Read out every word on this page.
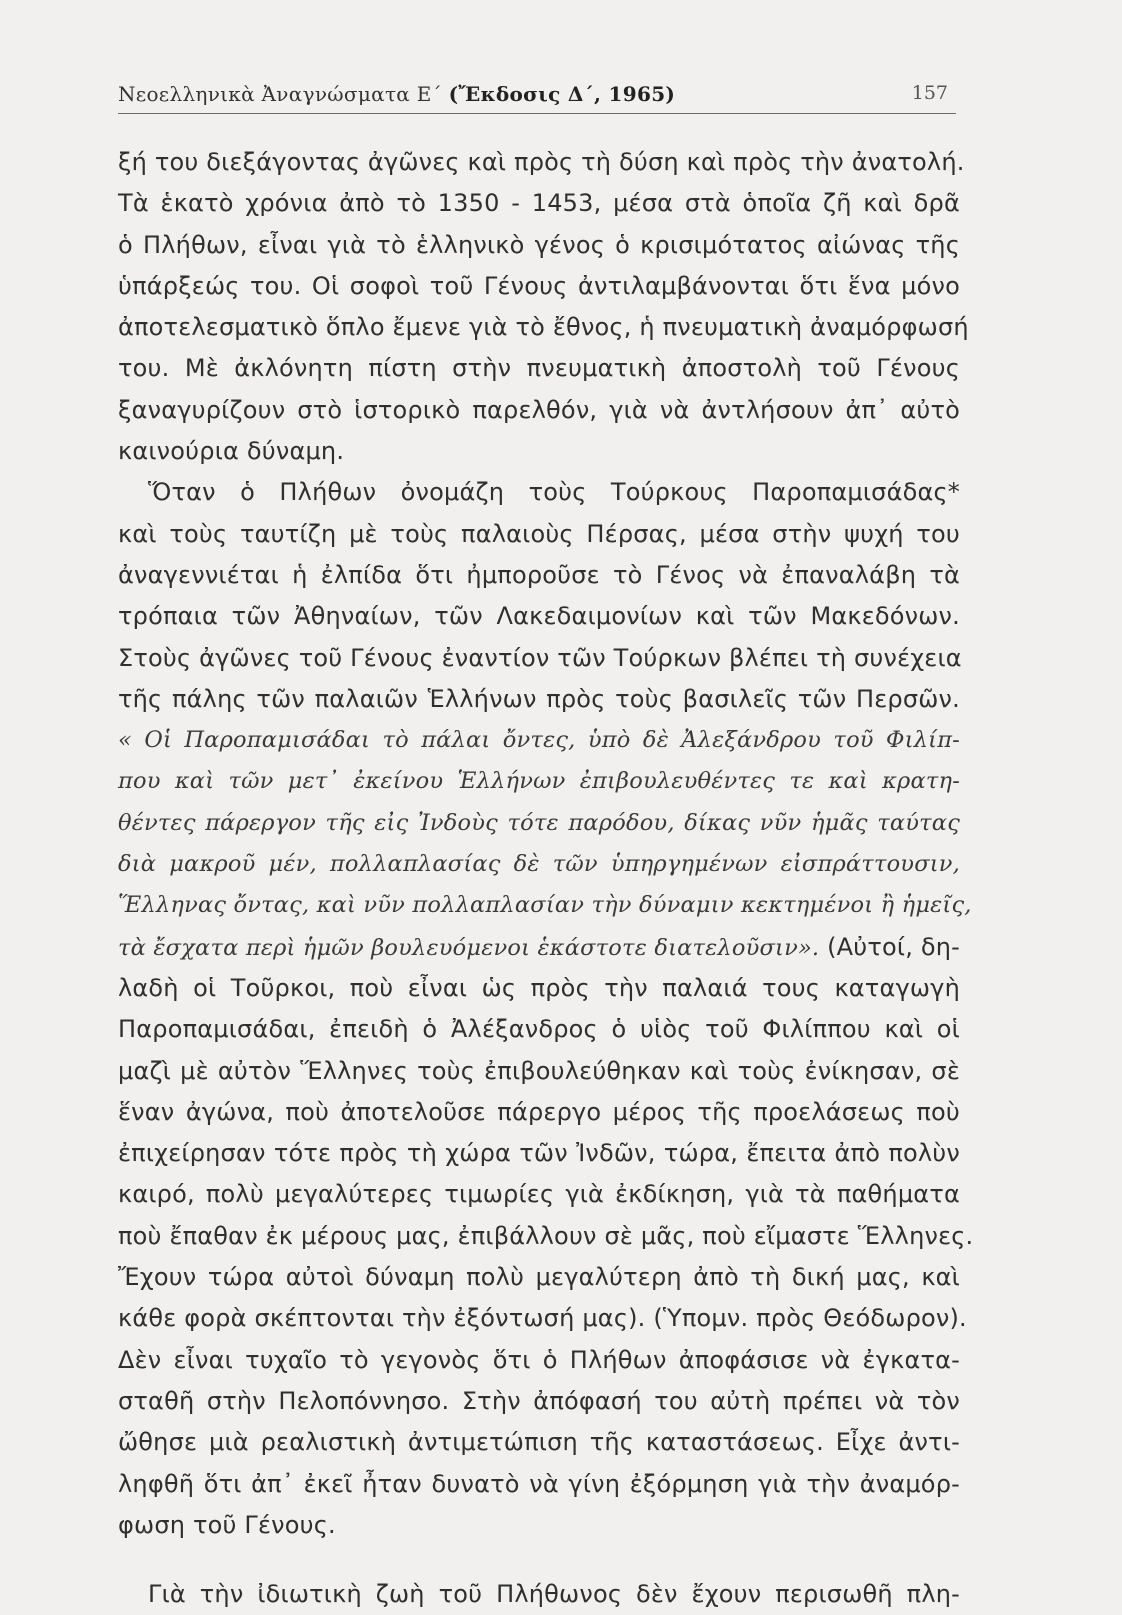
Νεοελληνικὰ Ἀναγνώσματα Ε΄ (Ἔκδοσις Δ΄, 1965)	157
ξή του διεξάγοντας ἀγῶνες καὶ πρὸς τὴ δύση καὶ πρὸς τὴν ἀνατολή.
Τὰ ἑκατὸ χρόνια ἀπὸ τὸ 1350 - 1453, μέσα στὰ ὁποῖα ζῆ καὶ δρᾶ
ὁ Πλήθων, εἶναι γιὰ τὸ ἑλληνικὸ γένος ὁ κρισιμότατος αἰώνας τῆς
ὑπάρξεώς του. Οἱ σοφοὶ τοῦ Γένους ἀντιλαμβάνονται ὅτι ἕνα μόνο
ἀποτελεσματικὸ ὅπλο ἔμενε γιὰ τὸ ἔθνος, ἡ πνευματικὴ ἀναμόρφωσή
του. Μὲ ἀκλόνητη πίστη στὴν πνευματικὴ ἀποστολὴ τοῦ Γένους
ξαναγυρίζουν στὸ ἱστορικὸ παρελθόν, γιὰ νὰ ἀντλήσουν ἀπ᾿ αὐτὸ
καινούρια δύναμη.
Ὅταν ὁ Πλήθων ὀνομάζη τοὺς Τούρκους Παροπαμισάδας*
καὶ τοὺς ταυτίζη μὲ τοὺς παλαιοὺς Πέρσας, μέσα στὴν ψυχή του
ἀναγεννιέται ἡ ἐλπίδα ὅτι ἠμποροῦσε τὸ Γένος νὰ ἐπαναλάβη τὰ
τρόπαια τῶν Ἀθηναίων, τῶν Λακεδαιμονίων καὶ τῶν Μακεδόνων.
Στοὺς ἀγῶνες τοῦ Γένους ἐναντίον τῶν Τούρκων βλέπει τὴ συνέχεια
τῆς πάλης τῶν παλαιῶν Ἑλλήνων πρὸς τοὺς βασιλεῖς τῶν Περσῶν.
« Οἱ Παροπαμισάδαι τὸ πάλαι ὄντες, ὑπὸ δὲ Ἀλεξάνδρου τοῦ Φιλίπ-
που καὶ τῶν μετ᾿ ἐκείνου Ἑλλήνων ἐπιβουλευθέντες τε καὶ κρατη-
θέντες πάρεργον τῆς εἰς Ἰνδοὺς τότε παρόδου, δίκας νῦν ἡμᾶς ταύτας
διὰ μακροῦ μέν, πολλαπλασίας δὲ τῶν ὑπηργημένων εἰσπράττουσιν,
Ἕλληνας ὄντας, καὶ νῦν πολλαπλασίαν τὴν δύναμιν κεκτημένοι ἢ ἡμεῖς,
τὰ ἔσχατα περὶ ἡμῶν βουλευόμενοι ἑκάστοτε διατελοῦσιν». (Αὐτοί, δη-
λαδὴ οἱ Τοῦρκοι, ποὺ εἶναι ὡς πρὸς τὴν παλαιά τους καταγωγὴ
Παροπαμισάδαι, ἐπειδὴ ὁ Ἀλέξανδρος ὁ υἱὸς τοῦ Φιλίππου καὶ οἱ
μαζὶ μὲ αὐτὸν Ἕλληνες τοὺς ἐπιβουλεύθηκαν καὶ τοὺς ἐνίκησαν, σὲ
ἕναν ἀγώνα, ποὺ ἀποτελοῦσε πάρεργο μέρος τῆς προελάσεως ποὺ
ἐπιχείρησαν τότε πρὸς τὴ χώρα τῶν Ἰνδῶν, τώρα, ἔπειτα ἀπὸ πολὺν
καιρό, πολὺ μεγαλύτερες τιμωρίες γιὰ ἐκδίκηση, γιὰ τὰ παθήματα
ποὺ ἔπαθαν ἐκ μέρους μας, ἐπιβάλλουν σὲ μᾶς, ποὺ εἴμαστε Ἕλληνες.
Ἔχουν τώρα αὐτοὶ δύναμη πολὺ μεγαλύτερη ἀπὸ τὴ δική μας, καὶ
κάθε φορὰ σκέπτονται τὴν ἐξόντωσή μας). (Ὑπομν. πρὸς Θεόδωρον).
Δὲν εἶναι τυχαῖο τὸ γεγονὸς ὅτι ὁ Πλήθων ἀποφάσισε νὰ ἐγκατα-
σταθῆ στὴν Πελοπόννησο. Στὴν ἀπόφασή του αὐτὴ πρέπει νὰ τὸν
ὤθησε μιὰ ρεαλιστικὴ ἀντιμετώπιση τῆς καταστάσεως. Εἶχε ἀντι-
ληφθῆ ὅτι ἀπ᾿ ἐκεῖ ἦταν δυνατὸ νὰ γίνη ἐξόρμηση γιὰ τὴν ἀναμόρ-
φωση τοῦ Γένους.
Γιὰ τὴν ἰδιωτικὴ ζωὴ τοῦ Πλήθωνος δὲν ἔχουν περισωθῆ πλη-
